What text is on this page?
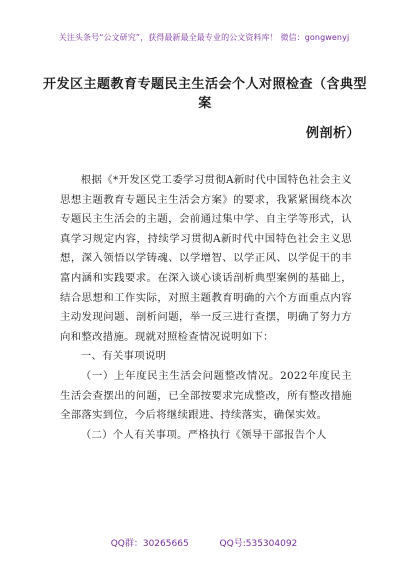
关注头条号“公文研究”，获得最新最全最专业的公文资料库！ 微信：gongwenyj
开发区主题教育专题民主生活会个人对照检查（含典型案
例剖析）

根据《*开发区党工委学习贯彻A新时代中国特色社会主义思想主题教育专题民主生活会方案》的要求，我紧紧围绕本次专题民主生活会的主题，会前通过集中学、自主学等形式，认真学习规定内容，持续学习贯彻A新时代中国特色社会主义思想，深入领悟以学铸魂、以学增智、以学正风、以学促干的丰富内涵和实践要求。在深入谈心谈话剖析典型案例的基础上，结合思想和工作实际，对照主题教育明确的六个方面重点内容主动发现问题、剖析问题，举一反三进行查摆，明确了努力方向和整改措施。现就对照检查情况说明如下：

一、有关事项说明

（一）上年度民主生活会问题整改情况。2022年度民主生活会查摆出的问题，已全部按要求完成整改，所有整改措施全部落实到位，今后将继续跟进、持续落实，确保实效。

（二）个人有关事项。严格执行《领导干部报告个人

QQ群：30265665	QQ号:535304092
